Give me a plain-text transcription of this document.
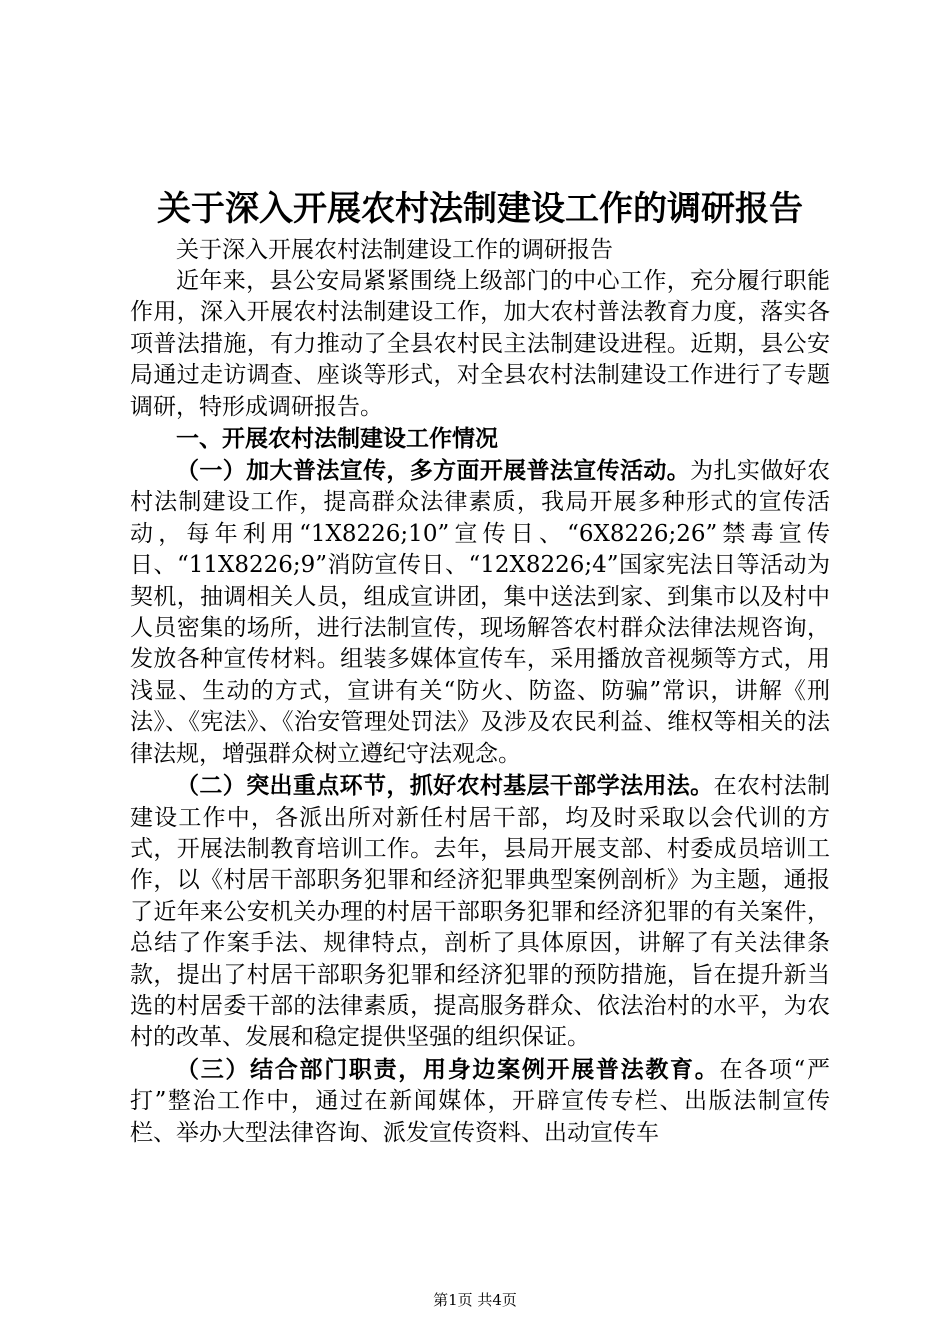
关于深入开展农村法制建设工作的调研报告
关于深入开展农村法制建设工作的调研报告

近年来，县公安局紧紧围绕上级部门的中心工作，充分履行职能作用，深入开展农村法制建设工作，加大农村普法教育力度，落实各项普法措施，有力推动了全县农村民主法制建设进程。近期，县公安局通过走访调查、座谈等形式，对全县农村法制建设工作进行了专题调研，特形成调研报告。

一、开展农村法制建设工作情况

（一）加大普法宣传，多方面开展普法宣传活动。为扎实做好农村法制建设工作，提高群众法律素质，我局开展多种形式的宣传活动，每年利用“1X8226;10”宣传日、“6X8226;26”禁毒宣传日、“11X8226;9”消防宣传日、“12X8226;4”国家宪法日等活动为契机，抽调相关人员，组成宣讲团，集中送法到家、到集市以及村中人员密集的场所，进行法制宣传，现场解答农村群众法律法规咨询，发放各种宣传材料。组装多媒体宣传车，采用播放音视频等方式，用浅显、生动的方式，宣讲有关“防火、防盗、防骗”常识，讲解《刑法》、《宪法》、《治安管理处罚法》及涉及农民利益、维权等相关的法律法规，增强群众树立遵纪守法观念。

（二）突出重点环节，抓好农村基层干部学法用法。在农村法制建设工作中，各派出所对新任村居干部，均及时采取以会代训的方式，开展法制教育培训工作。去年，县局开展支部、村委成员培训工作，以《村居干部职务犯罪和经济犯罪典型案例剖析》为主题，通报了近年来公安机关办理的村居干部职务犯罪和经济犯罪的有关案件，总结了作案手法、规律特点，剖析了具体原因，讲解了有关法律条款，提出了村居干部职务犯罪和经济犯罪的预防措施，旨在提升新当选的村居委干部的法律素质，提高服务群众、依法治村的水平，为农村的改革、发展和稳定提供坚强的组织保证。

（三）结合部门职责，用身边案例开展普法教育。在各项“严打”整治工作中，通过在新闻媒体，开辟宣传专栏、出版法制宣传栏、举办大型法律咨询、派发宣传资料、出动宣传车

第1页 共4页
